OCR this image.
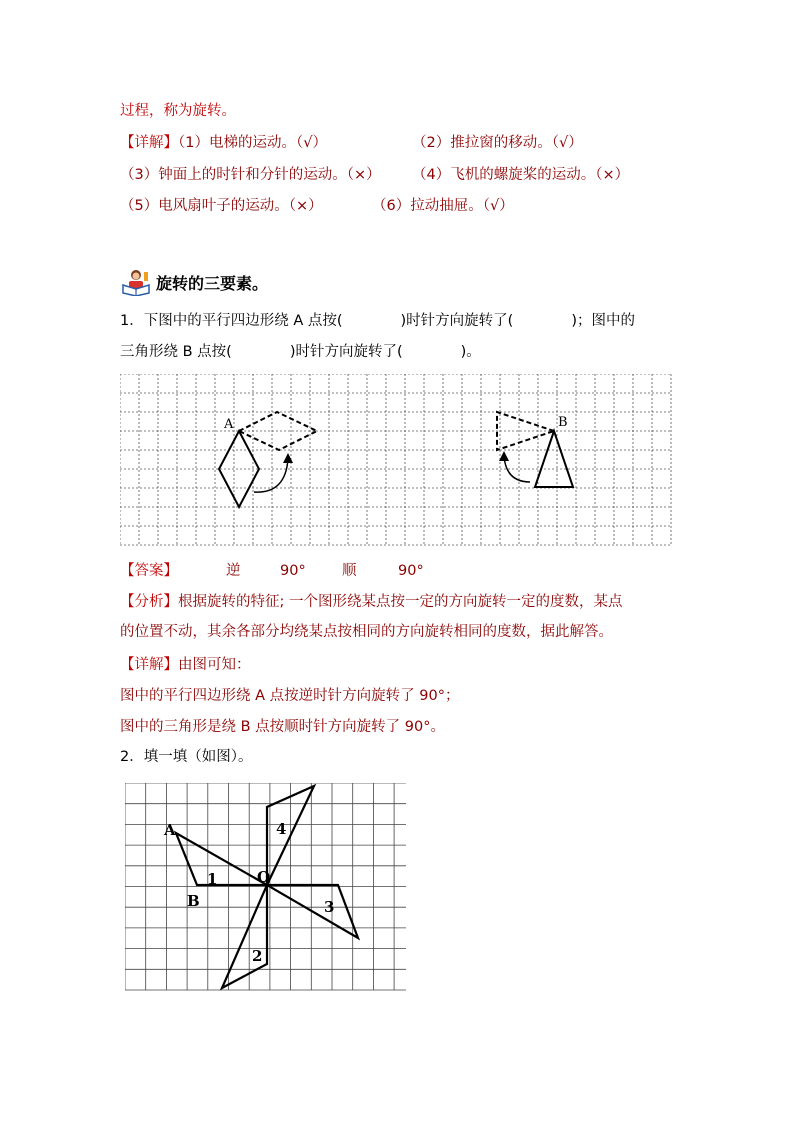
过程，称为旋转。
【详解】（1）电梯的运动。（√）	（2）推拉窗的移动。（√）
（3）钟面上的时针和分针的运动。（×） （4）飞机的螺旋桨的运动。（×）
（5）电风扇叶子的运动。（×）	（6）拉动抽屉。（√）
旋转的三要素。
1．下图中的平行四边形绕 A 点按(　　　　)时针方向旋转了(　　　　)；图中的
三角形绕 B 点按(　　　　)时针方向旋转了(　　　　)。
A	B
【答案】	逆	90°	顺	90°
【分析】根据旋转的特征; 一个图形绕某点按一定的方向旋转一定的度数，某点
的位置不动，其余各部分均绕某点按相同的方向旋转相同的度数，据此解答。
【详解】由图可知：
图中的平行四边形绕 A 点按逆时针方向旋转了 90°；
图中的三角形是绕 B 点按顺时针方向旋转了 90°。
2．填一填（如图）。
A
B
O
1
2
3
4
